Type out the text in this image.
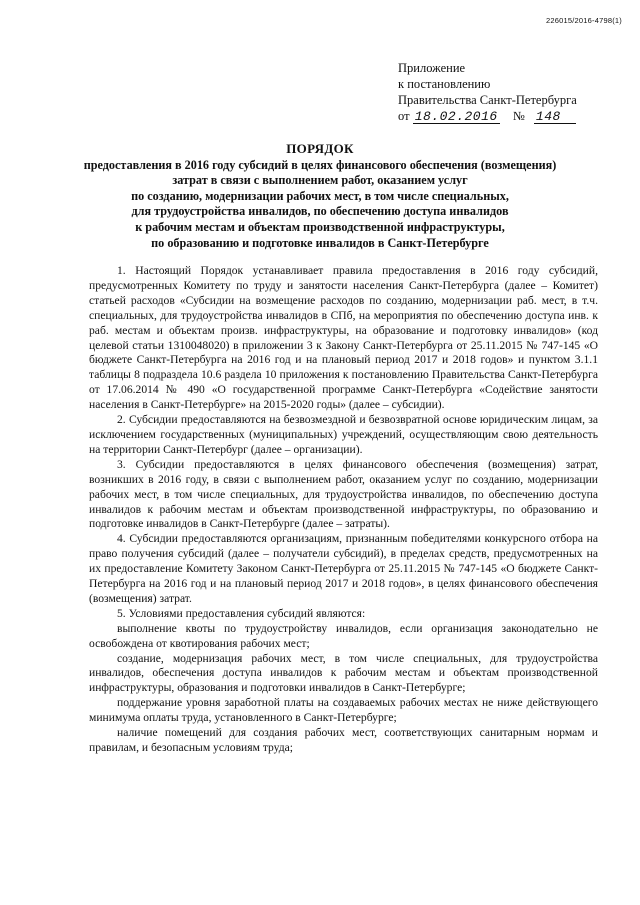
226015/2016-4798(1)
Приложение
к постановлению
Правительства Санкт-Петербурга
от 18.02.2016 № 148
ПОРЯДОК
предоставления в 2016 году субсидий в целях финансового обеспечения (возмещения)
затрат в связи с выполнением работ, оказанием услуг
по созданию, модернизации рабочих мест, в том числе специальных,
для трудоустройства инвалидов, по обеспечению доступа инвалидов
к рабочим местам и объектам производственной инфраструктуры,
по образованию и подготовке инвалидов в Санкт-Петербурге

1. Настоящий Порядок устанавливает правила предоставления в 2016 году субсидий, предусмотренных Комитету по труду и занятости населения Санкт-Петербурга (далее – Комитет) статьей расходов «Субсидии на возмещение расходов по созданию, модернизации раб. мест, в т.ч. специальных, для трудоустройства инвалидов в СПб, на мероприятия по обеспечению доступа инв. к раб. местам и объектам произв. инфраструктуры, на образование и подготовку инвалидов» (код целевой статьи 1310048020) в приложении 3 к Закону Санкт-Петербурга от 25.11.2015 № 747-145 «О бюджете Санкт-Петербурга на 2016 год и на плановый период 2017 и 2018 годов» и пунктом 3.1.1 таблицы 8 подраздела 10.6 раздела 10 приложения к постановлению Правительства Санкт-Петербурга от 17.06.2014 № 490 «О государственной программе Санкт-Петербурга «Содействие занятости населения в Санкт-Петербурге» на 2015-2020 годы» (далее – субсидии).

2. Субсидии предоставляются на безвозмездной и безвозвратной основе юридическим лицам, за исключением государственных (муниципальных) учреждений, осуществляющим свою деятельность на территории Санкт-Петербург (далее – организации).

3. Субсидии предоставляются в целях финансового обеспечения (возмещения) затрат, возникших в 2016 году, в связи с выполнением работ, оказанием услуг по созданию, модернизации рабочих мест, в том числе специальных, для трудоустройства инвалидов, по обеспечению доступа инвалидов к рабочим местам и объектам производственной инфраструктуры, по образованию и подготовке инвалидов в Санкт-Петербурге (далее – затраты).

4. Субсидии предоставляются организациям, признанным победителями конкурсного отбора на право получения субсидий (далее – получатели субсидий), в пределах средств, предусмотренных на их предоставление Комитету Законом Санкт-Петербурга от 25.11.2015 № 747-145 «О бюджете Санкт-Петербурга на 2016 год и на плановый период 2017 и 2018 годов», в целях финансового обеспечения (возмещения) затрат.

5. Условиями предоставления субсидий являются:

выполнение квоты по трудоустройству инвалидов, если организация законодательно не освобождена от квотирования рабочих мест;

создание, модернизация рабочих мест, в том числе специальных, для трудоустройства инвалидов, обеспечения доступа инвалидов к рабочим местам и объектам производственной инфраструктуры, образования и подготовки инвалидов в Санкт-Петербурге;

поддержание уровня заработной платы на создаваемых рабочих местах не ниже действующего минимума оплаты труда, установленного в Санкт-Петербурге;

наличие помещений для создания рабочих мест, соответствующих санитарным нормам и правилам, и безопасным условиям труда;
